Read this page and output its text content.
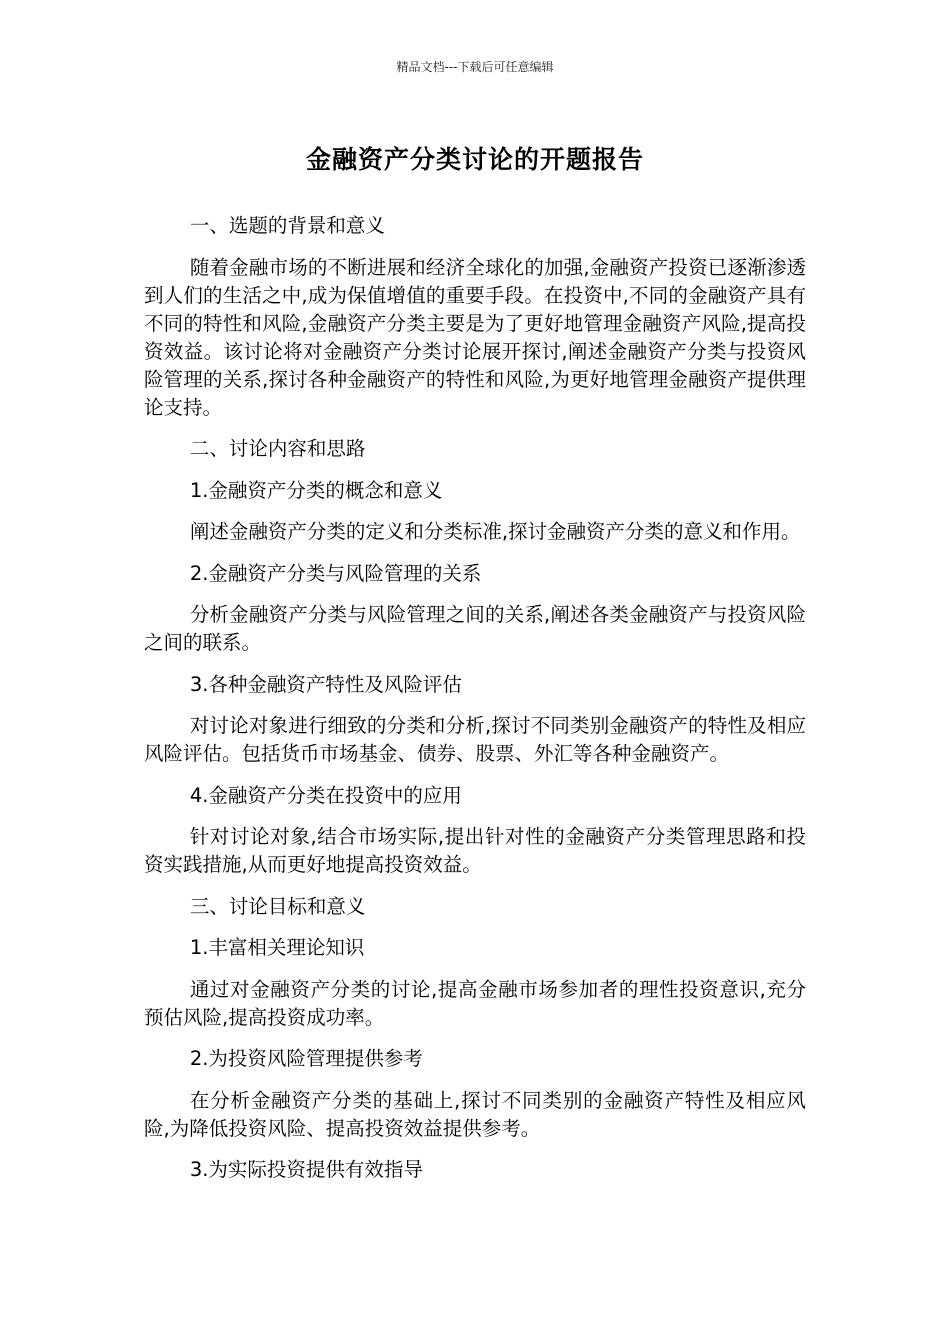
精品文档---下载后可任意编辑
金融资产分类讨论的开题报告

一、选题的背景和意义

随着金融市场的不断进展和经济全球化的加强,金融资产投资已逐渐渗透到人们的生活之中,成为保值增值的重要手段。在投资中,不同的金融资产具有不同的特性和风险,金融资产分类主要是为了更好地管理金融资产风险,提高投资效益。该讨论将对金融资产分类讨论展开探讨,阐述金融资产分类与投资风险管理的关系,探讨各种金融资产的特性和风险,为更好地管理金融资产提供理论支持。

二、讨论内容和思路

1.金融资产分类的概念和意义

阐述金融资产分类的定义和分类标准,探讨金融资产分类的意义和作用。

2.金融资产分类与风险管理的关系

分析金融资产分类与风险管理之间的关系,阐述各类金融资产与投资风险之间的联系。

3.各种金融资产特性及风险评估

对讨论对象进行细致的分类和分析,探讨不同类别金融资产的特性及相应风险评估。包括货币市场基金、债券、股票、外汇等各种金融资产。

4.金融资产分类在投资中的应用

针对讨论对象,结合市场实际,提出针对性的金融资产分类管理思路和投资实践措施,从而更好地提高投资效益。

三、讨论目标和意义

1.丰富相关理论知识

通过对金融资产分类的讨论,提高金融市场参加者的理性投资意识,充分预估风险,提高投资成功率。

2.为投资风险管理提供参考

在分析金融资产分类的基础上,探讨不同类别的金融资产特性及相应风险,为降低投资风险、提高投资效益提供参考。

3.为实际投资提供有效指导
